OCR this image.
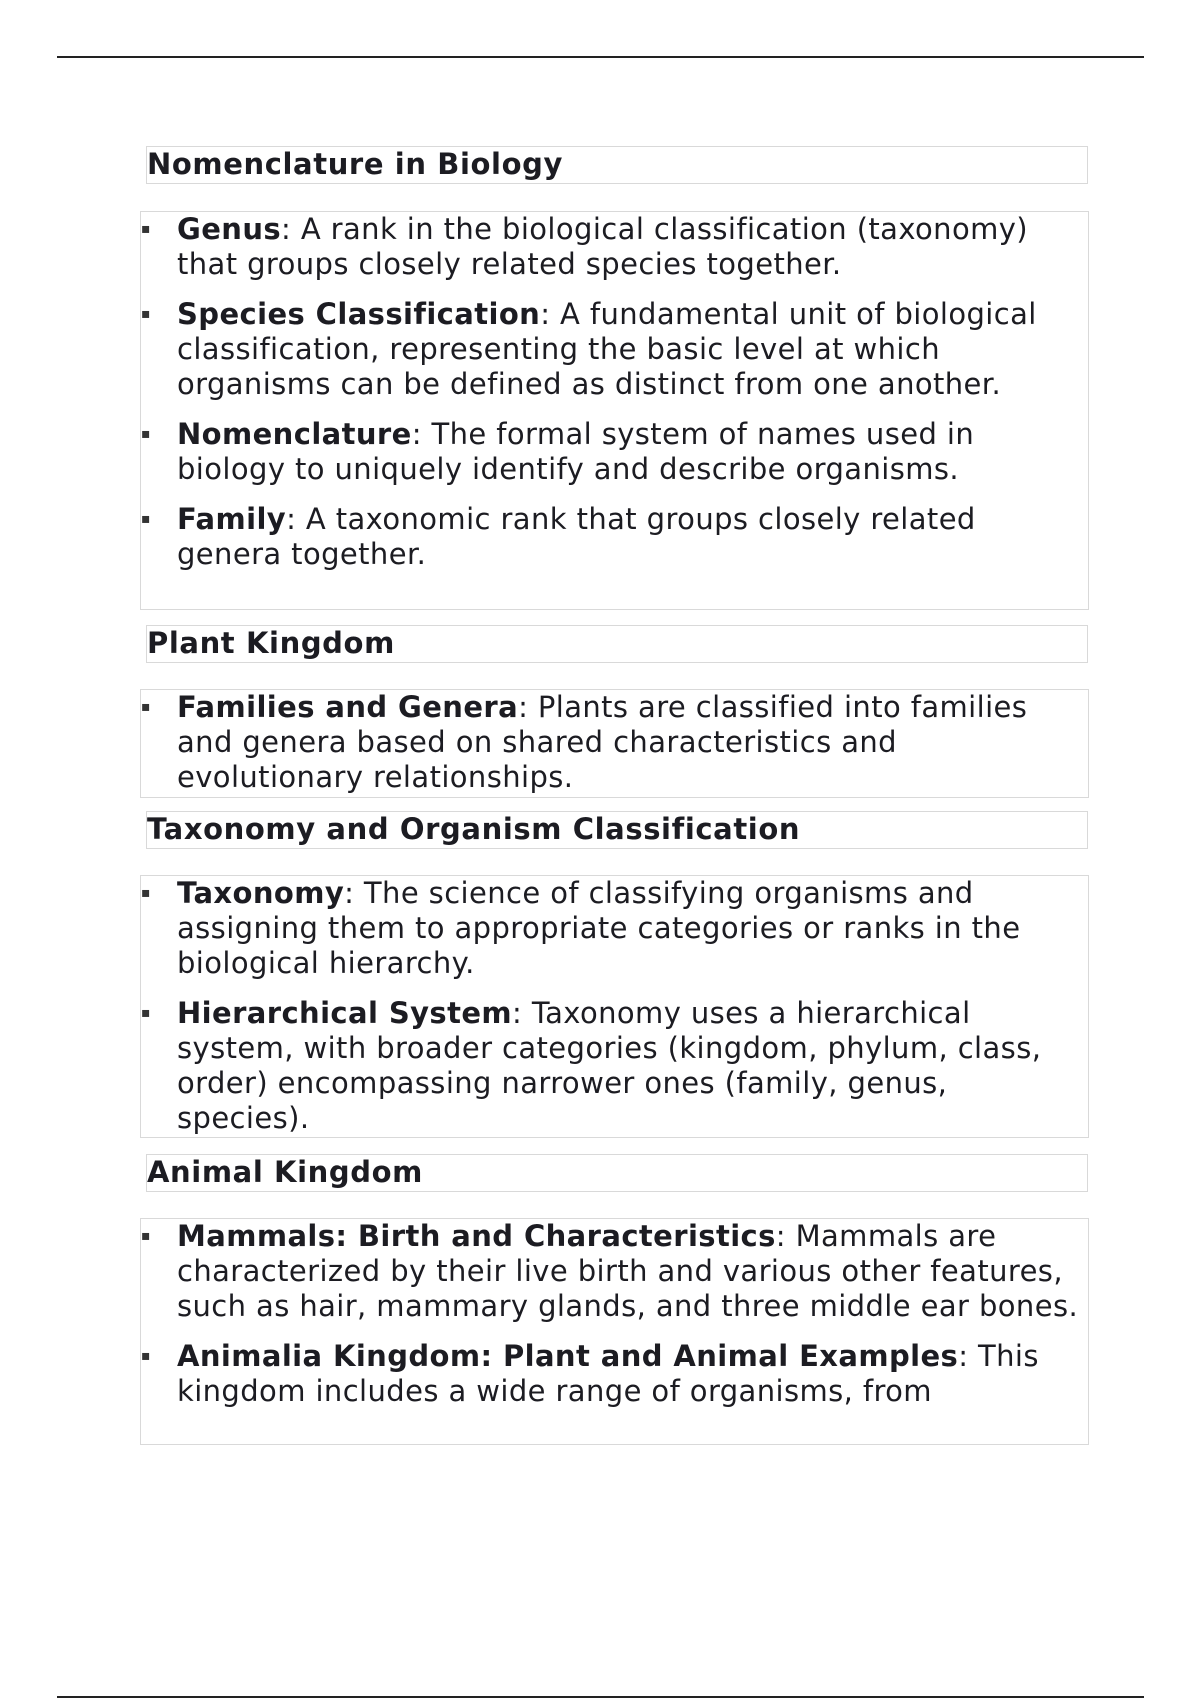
Nomenclature in Biology
▪ Genus: A rank in the biological classification (taxonomy) that groups closely related species together.
▪ Species Classification: A fundamental unit of biological classification, representing the basic level at which organisms can be defined as distinct from one another.
▪ Nomenclature: The formal system of names used in biology to uniquely identify and describe organisms.
▪ Family: A taxonomic rank that groups closely related genera together.
Plant Kingdom
▪ Families and Genera: Plants are classified into families and genera based on shared characteristics and evolutionary relationships.
Taxonomy and Organism Classification
▪ Taxonomy: The science of classifying organisms and assigning them to appropriate categories or ranks in the biological hierarchy.
▪ Hierarchical System: Taxonomy uses a hierarchical system, with broader categories (kingdom, phylum, class, order) encompassing narrower ones (family, genus, species).
Animal Kingdom
▪ Mammals: Birth and Characteristics: Mammals are characterized by their live birth and various other features, such as hair, mammary glands, and three middle ear bones.
▪ Animalia Kingdom: Plant and Animal Examples: This kingdom includes a wide range of organisms, from
